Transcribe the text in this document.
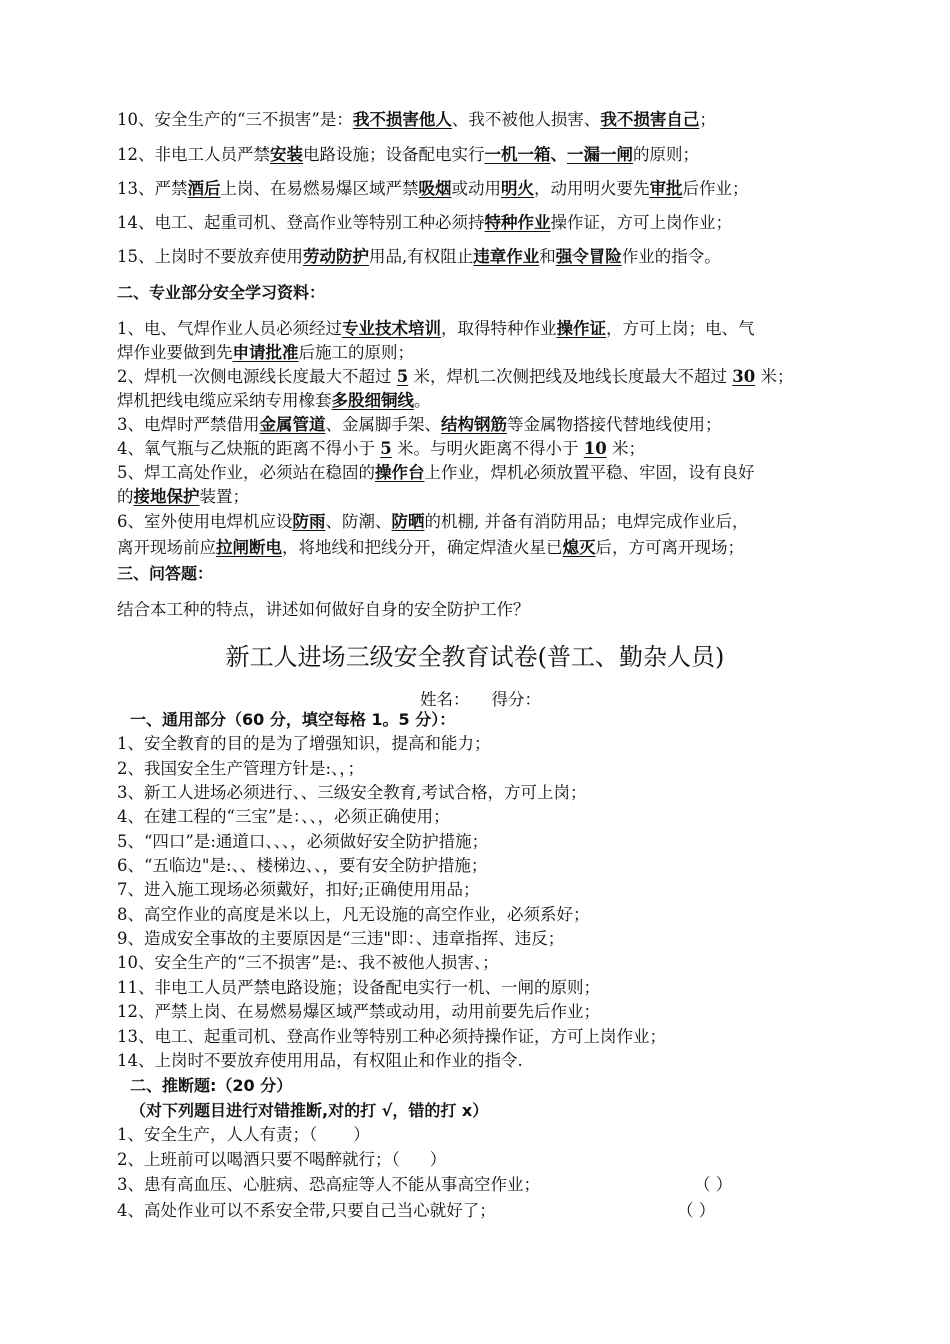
10、安全生产的“三不损害”是：我不损害他人、我不被他人损害、我不损害自己；
12、非电工人员严禁安装电路设施；设备配电实行一机一箱、一漏一闸的原则；
13、严禁酒后上岗、在易燃易爆区域严禁吸烟或动用明火，动用明火要先审批后作业；
14、电工、起重司机、登高作业等特别工种必须持特种作业操作证，方可上岗作业；
15、上岗时不要放弃使用劳动防护用品,有权阻止违章作业和强令冒险作业的指令。
二、专业部分安全学习资料：
1、电、气焊作业人员必须经过专业技术培训，取得特种作业操作证，方可上岗；电、气
焊作业要做到先申请批准后施工的原则；
2、焊机一次侧电源线长度最大不超过 5 米，焊机二次侧把线及地线长度最大不超过 30 米；
焊机把线电缆应采纳专用橡套多股细铜线。
3、电焊时严禁借用金属管道、金属脚手架、结构钢筋等金属物搭接代替地线使用；
4、氧气瓶与乙炔瓶的距离不得小于 5 米。与明火距离不得小于 10 米；
5、焊工高处作业，必须站在稳固的操作台上作业，焊机必须放置平稳、牢固，设有良好
的接地保护装置；
6、室外使用电焊机应设防雨、防潮、防晒的机棚, 并备有消防用品；电焊完成作业后，
离开现场前应拉闸断电，将地线和把线分开，确定焊渣火星已熄灭后，方可离开现场；
三、问答题：
结合本工种的特点，讲述如何做好自身的安全防护工作？
新工人进场三级安全教育试卷(普工、勤杂人员)
姓名： 得分：
一、通用部分（60 分，填空每格 1。5 分）：
1、安全教育的目的是为了增强知识，提高和能力；
2、我国安全生产管理方针是:、，；
3、新工人进场必须进行、、三级安全教育,考试合格，方可上岗；
4、在建工程的“三宝”是：、、，必须正确使用；
5、“四口”是:通道口、、、，必须做好安全防护措施；
6、“五临边"是:、、楼梯边、、，要有安全防护措施；
7、进入施工现场必须戴好，扣好;正确使用用品；
8、高空作业的高度是米以上，凡无设施的高空作业，必须系好；
9、造成安全事故的主要原因是“三违"即：、违章指挥、违反；
10、安全生产的“三不损害”是:、我不被他人损害、；
11、非电工人员严禁电路设施；设备配电实行一机、一闸的原则；
12、严禁上岗、在易燃易爆区域严禁或动用，动用前要先后作业；
13、电工、起重司机、登高作业等特别工种必须持操作证，方可上岗作业；
14、上岗时不要放弃使用用品，有权阻止和作业的指令.
二、推断题:（20 分）
（对下列题目进行对错推断,对的打 √，错的打 x）
1、安全生产，人人有责；（ ）
2、上班前可以喝酒只要不喝醉就行；（ ）
3、患有高血压、心脏病、恐高症等人不能从事高空作业；	（ ）
4、高处作业可以不系安全带,只要自己当心就好了；	（ ）
